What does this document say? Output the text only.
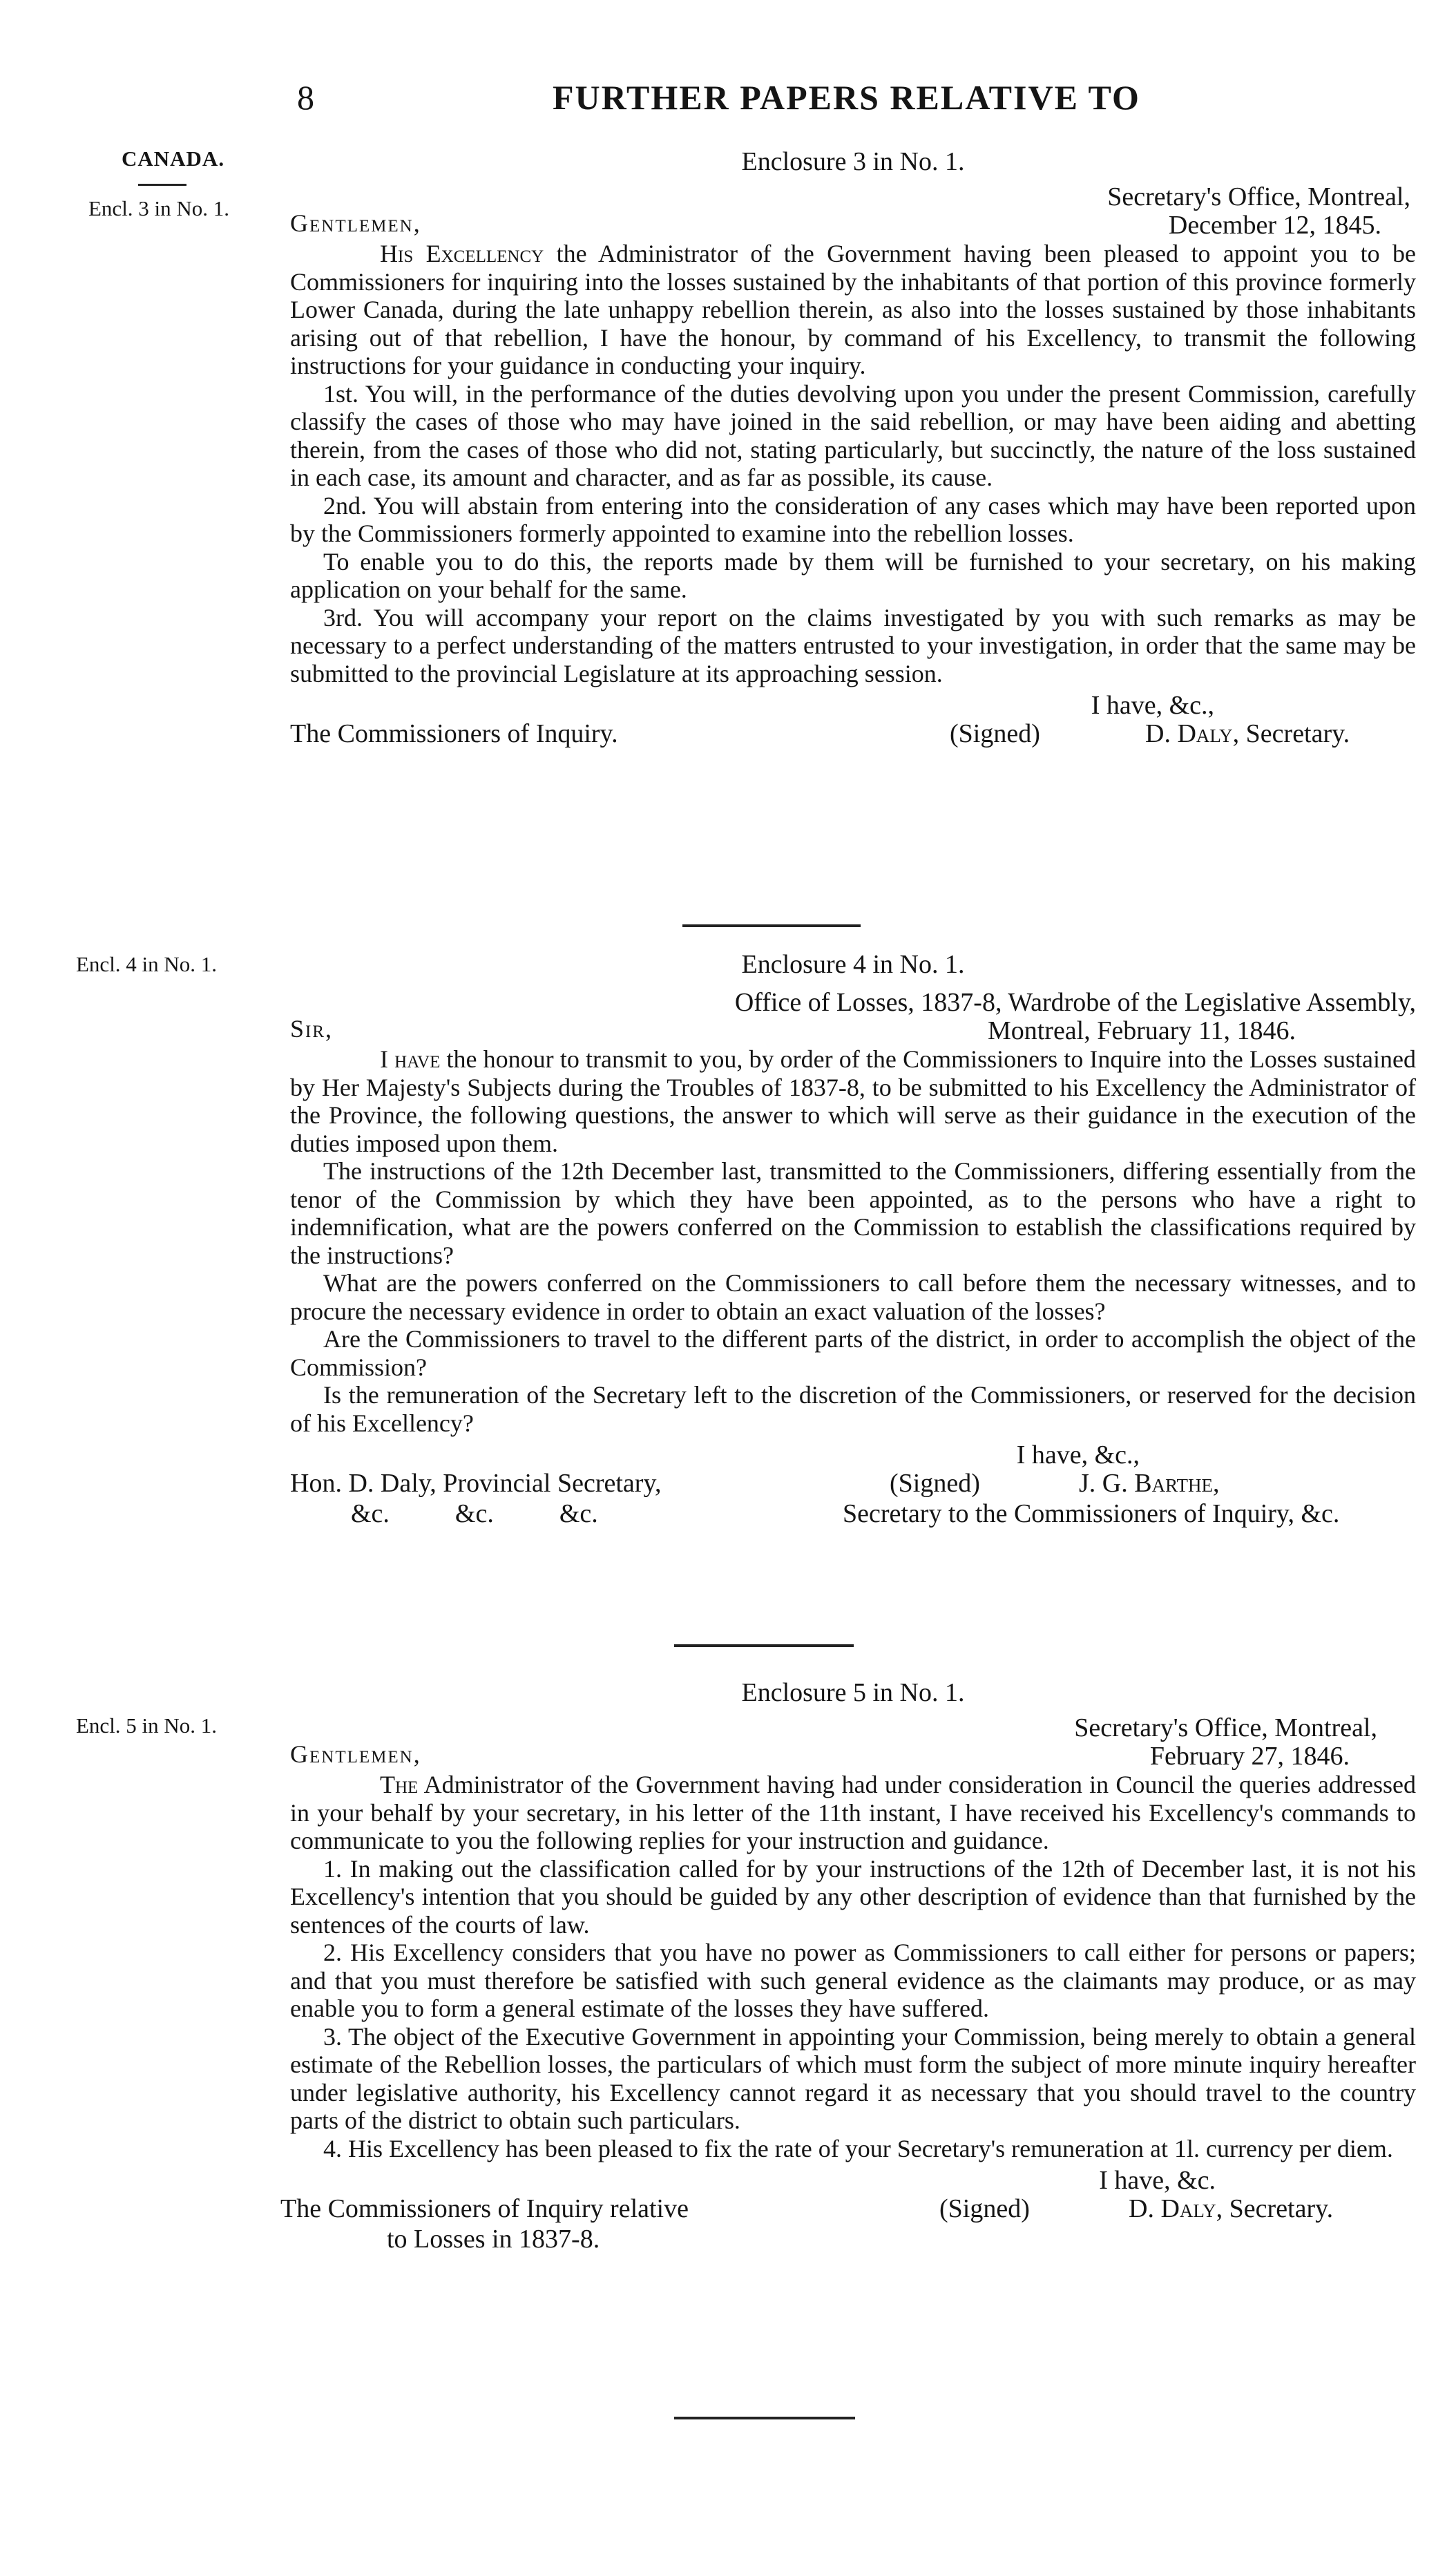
8	FURTHER PAPERS RELATIVE TO
CANADA.
Encl. 3 in No. 1.
Encl. 4 in No. 1.
Encl. 5 in No. 1.
Enclosure 3 in No. 1.
Secretary's Office, Montreal,
December 12, 1845.
Gentlemen,

His Excellency the Administrator of the Government having been pleased to appoint you to be Commissioners for inquiring into the losses sustained by the inhabitants of that portion of this province formerly Lower Canada, during the late unhappy rebellion therein, as also into the losses sustained by those inhabitants arising out of that rebellion, I have the honour, by command of his Excellency, to transmit the following instructions for your guidance in conducting your inquiry.

1st. You will, in the performance of the duties devolving upon you under the present Commission, carefully classify the cases of those who may have joined in the said rebellion, or may have been aiding and abetting therein, from the cases of those who did not, stating particularly, but succinctly, the nature of the loss sustained in each case, its amount and character, and as far as possible, its cause.

2nd. You will abstain from entering into the consideration of any cases which may have been reported upon by the Commissioners formerly appointed to examine into the rebellion losses.

To enable you to do this, the reports made by them will be furnished to your secretary, on his making application on your behalf for the same.

3rd. You will accompany your report on the claims investigated by you with such remarks as may be necessary to a perfect understanding of the matters entrusted to your investigation, in order that the same may be submitted to the provincial Legislature at its approaching session.

I have, &c.,
The Commissioners of Inquiry.	(Signed)	D. Daly, Secretary.
Enclosure 4 in No. 1.
Office of Losses, 1837-8, Wardrobe of the Legislative Assembly,
Montreal, February 11, 1846.
Sir,

I have the honour to transmit to you, by order of the Commissioners to Inquire into the Losses sustained by Her Majesty's Subjects during the Troubles of 1837-8, to be submitted to his Excellency the Administrator of the Province, the following questions, the answer to which will serve as their guidance in the execution of the duties imposed upon them.

The instructions of the 12th December last, transmitted to the Commissioners, differing essentially from the tenor of the Commission by which they have been appointed, as to the persons who have a right to indemnification, what are the powers conferred on the Commission to establish the classifications required by the instructions?

What are the powers conferred on the Commissioners to call before them the necessary witnesses, and to procure the necessary evidence in order to obtain an exact valuation of the losses?

Are the Commissioners to travel to the different parts of the district, in order to accomplish the object of the Commission?

Is the remuneration of the Secretary left to the discretion of the Commissioners, or reserved for the decision of his Excellency?

I have, &c.,
Hon. D. Daly, Provincial Secretary,	(Signed)	J. G. Barthe,
&c.          &c.          &c.	Secretary to the Commissioners of Inquiry, &c.
Enclosure 5 in No. 1.
Secretary's Office, Montreal,
February 27, 1846.
Gentlemen,

The Administrator of the Government having had under consideration in Council the queries addressed in your behalf by your secretary, in his letter of the 11th instant, I have received his Excellency's commands to communicate to you the following replies for your instruction and guidance.

1. In making out the classification called for by your instructions of the 12th of December last, it is not his Excellency's intention that you should be guided by any other description of evidence than that furnished by the sentences of the courts of law.

2. His Excellency considers that you have no power as Commissioners to call either for persons or papers; and that you must therefore be satisfied with such general evidence as the claimants may produce, or as may enable you to form a general estimate of the losses they have suffered.

3. The object of the Executive Government in appointing your Commission, being merely to obtain a general estimate of the Rebellion losses, the particulars of which must form the subject of more minute inquiry hereafter under legislative authority, his Excellency cannot regard it as necessary that you should travel to the country parts of the district to obtain such particulars.

4. His Excellency has been pleased to fix the rate of your Secretary's remuneration at 1l. currency per diem.

I have, &c.
The Commissioners of Inquiry relative	(Signed)	D. Daly, Secretary.
to Losses in 1837-8.
